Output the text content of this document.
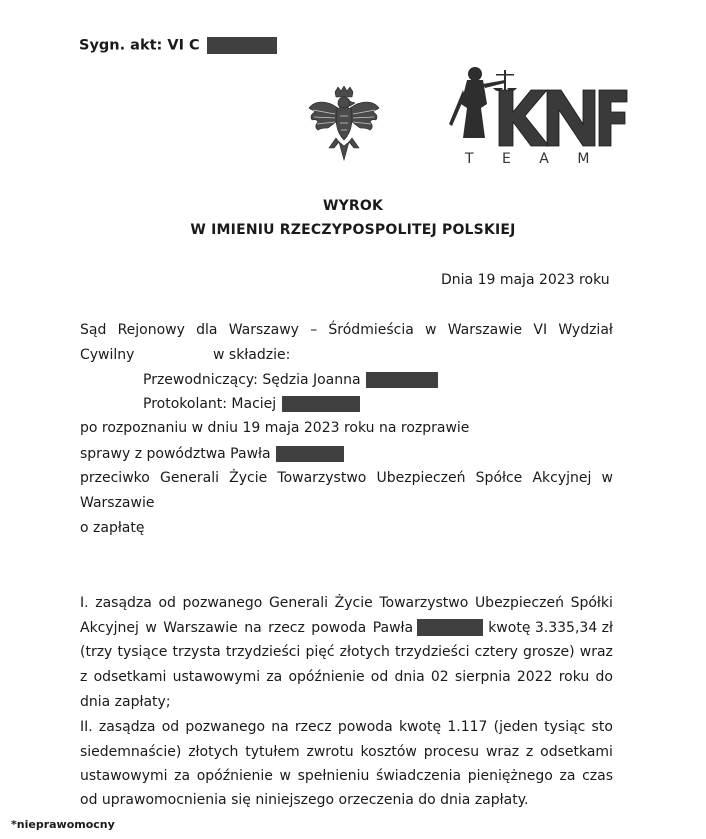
Sygn. akt: VI C
T E A M
WYROK
W IMIENIU RZECZYPOSPOLITEJ POLSKIEJ
Dnia 19 maja 2023 roku
Sąd Rejonowy dla Warszawy – Śródmieścia w Warszawie VI Wydział
Cywilny	w składzie:
Przewodniczący: Sędzia Joanna
Protokolant: Maciej
po rozpoznaniu w dniu 19 maja 2023 roku na rozprawie
sprawy z powództwa Pawła
przeciwko Generali Życie Towarzystwo Ubezpieczeń Spółce Akcyjnej w
Warszawie
o zapłatę
I. zasądza od pozwanego Generali Życie Towarzystwo Ubezpieczeń Spółki
Akcyjnej w Warszawie na rzecz powoda Pawła	kwotę 3.335,34 zł
(trzy tysiące trzysta trzydzieści pięć złotych trzydzieści cztery grosze) wraz
z odsetkami ustawowymi za opóźnienie od dnia 02 sierpnia 2022 roku do
dnia zapłaty;
II. zasądza od pozwanego na rzecz powoda kwotę 1.117 (jeden tysiąc sto
siedemnaście) złotych tytułem zwrotu kosztów procesu wraz z odsetkami
ustawowymi za opóźnienie w spełnieniu świadczenia pieniężnego za czas
od uprawomocnienia się niniejszego orzeczenia do dnia zapłaty.
*nieprawomocny
